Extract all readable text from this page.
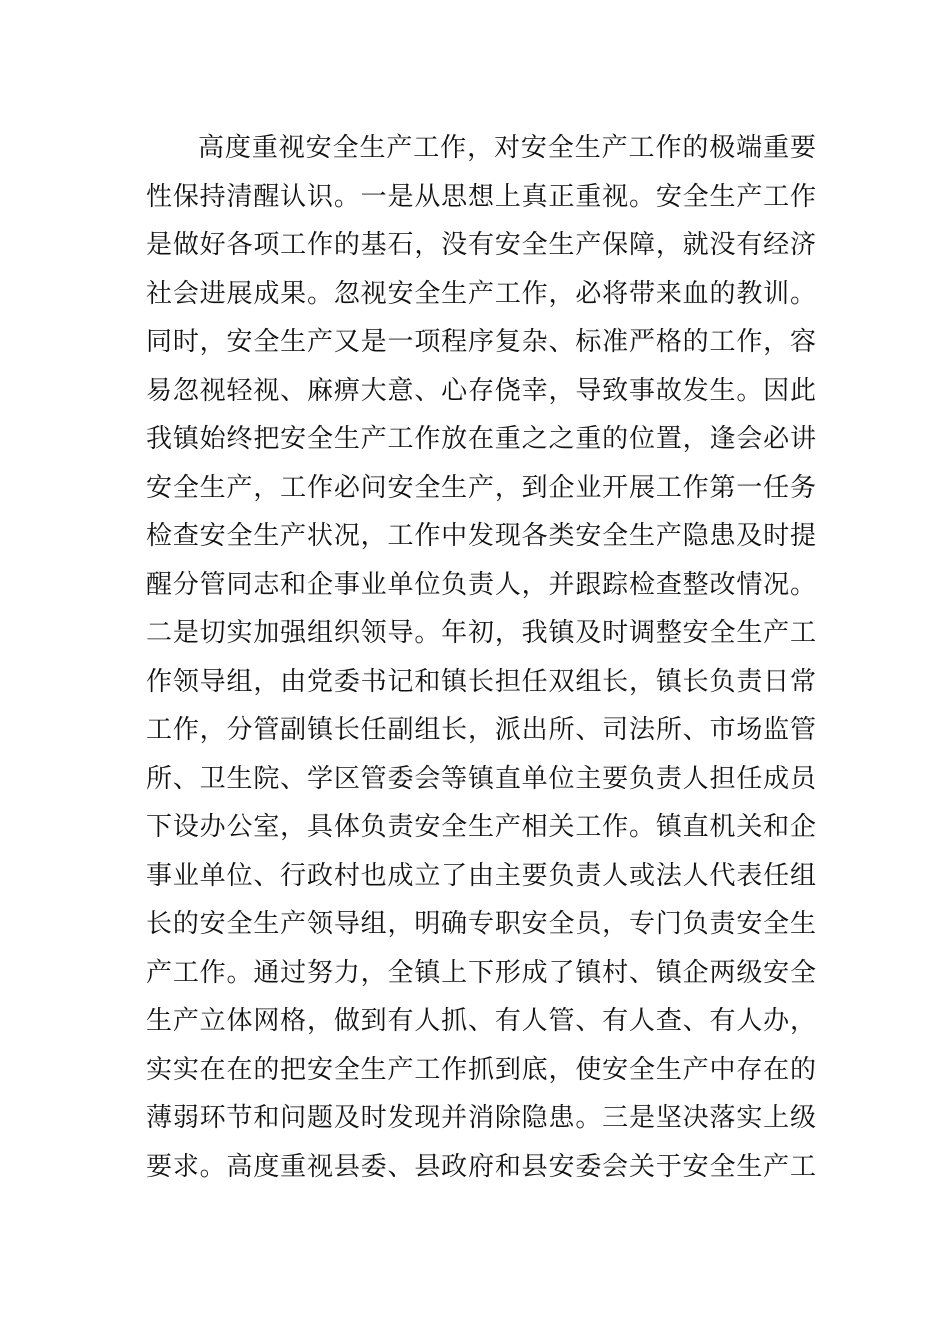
高度重视安全生产工作，对安全生产工作的极端重要
性保持清醒认识。一是从思想上真正重视。安全生产工作
是做好各项工作的基石，没有安全生产保障，就没有经济
社会进展成果。忽视安全生产工作，必将带来血的教训。
同时，安全生产又是一项程序复杂、标准严格的工作，容
易忽视轻视、麻痹大意、心存侥幸，导致事故发生。因此
我镇始终把安全生产工作放在重之之重的位置，逢会必讲
安全生产，工作必问安全生产，到企业开展工作第一任务
检查安全生产状况，工作中发现各类安全生产隐患及时提
醒分管同志和企事业单位负责人，并跟踪检查整改情况。
二是切实加强组织领导。年初，我镇及时调整安全生产工
作领导组，由党委书记和镇长担任双组长，镇长负责日常
工作，分管副镇长任副组长，派出所、司法所、市场监管
所、卫生院、学区管委会等镇直单位主要负责人担任成员
下设办公室，具体负责安全生产相关工作。镇直机关和企
事业单位、行政村也成立了由主要负责人或法人代表任组
长的安全生产领导组，明确专职安全员，专门负责安全生
产工作。通过努力，全镇上下形成了镇村、镇企两级安全
生产立体网格，做到有人抓、有人管、有人查、有人办，
实实在在的把安全生产工作抓到底，使安全生产中存在的
薄弱环节和问题及时发现并消除隐患。三是坚决落实上级
要求。高度重视县委、县政府和县安委会关于安全生产工
